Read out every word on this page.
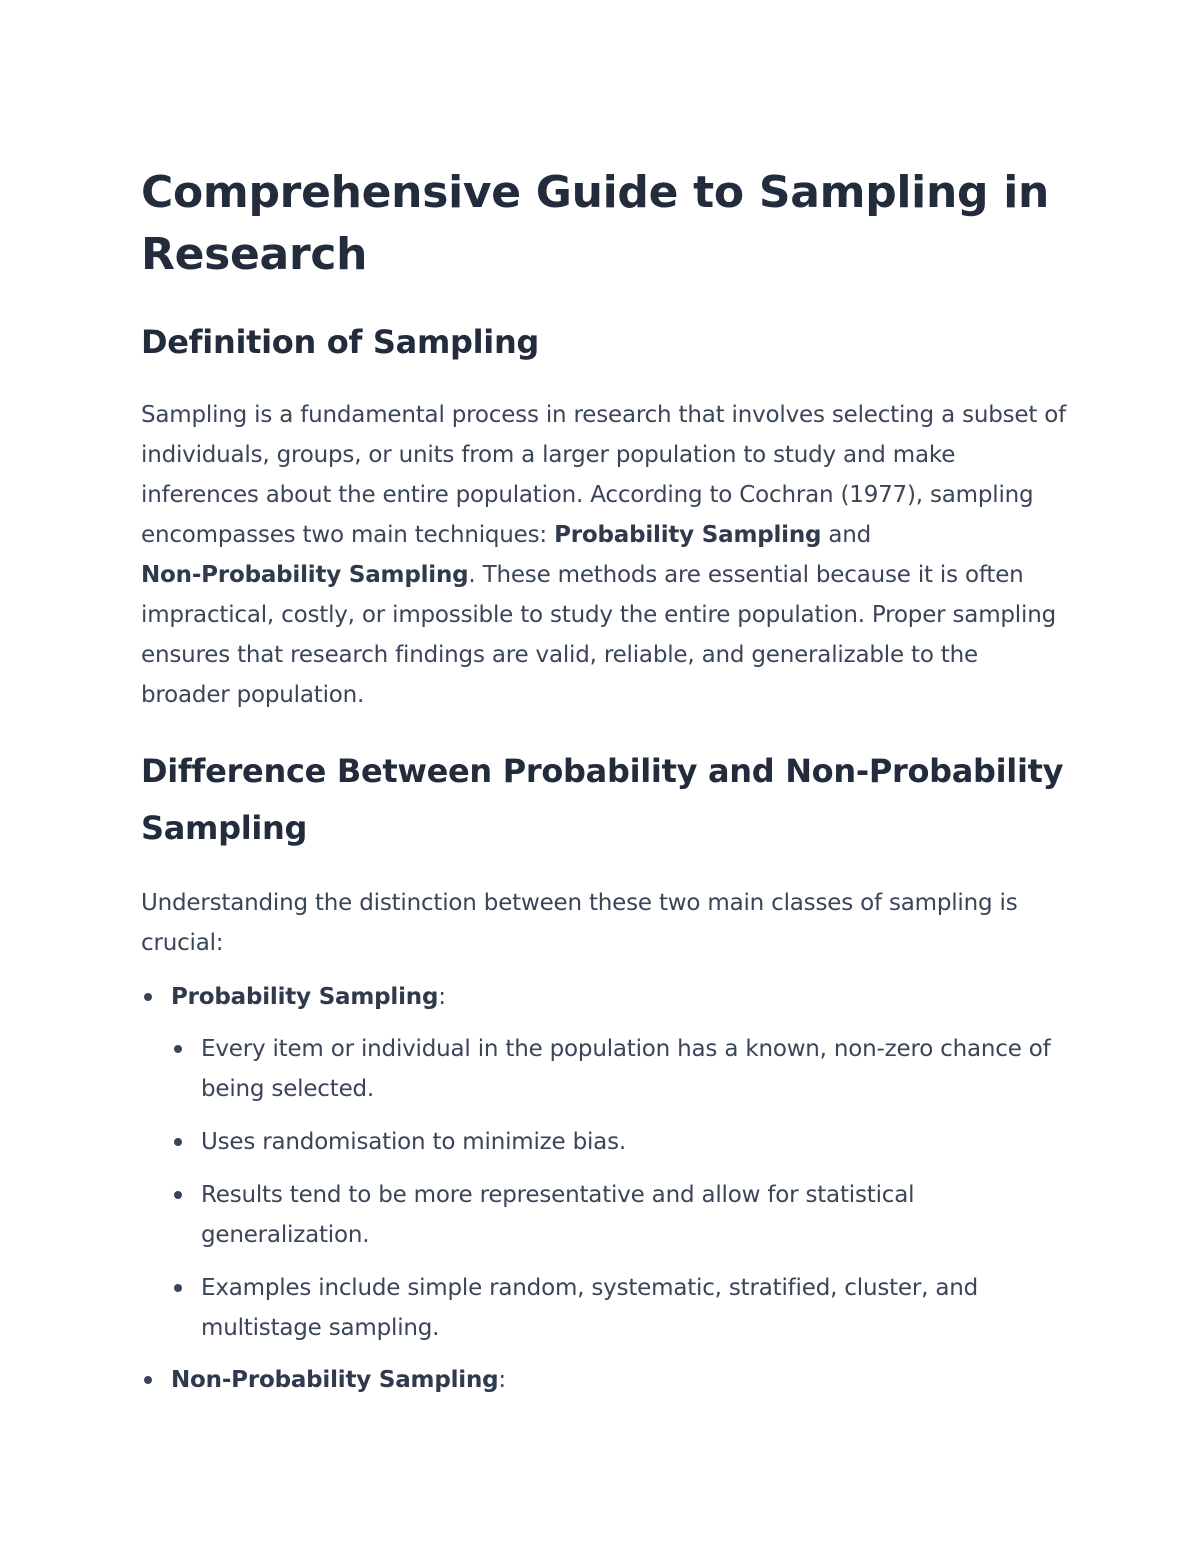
Comprehensive Guide to Sampling in Research
Definition of Sampling

Sampling is a fundamental process in research that involves selecting a subset of individuals, groups, or units from a larger population to study and make inferences about the entire population. According to Cochran (1977), sampling encompasses two main techniques: Probability Sampling and
Non-Probability Sampling. These methods are essential because it is often impractical, costly, or impossible to study the entire population. Proper sampling ensures that research findings are valid, reliable, and generalizable to the broader population.

Difference Between Probability and Non-Probability Sampling

Understanding the distinction between these two main classes of sampling is crucial:

Probability Sampling:
Every item or individual in the population has a known, non-zero chance of being selected.
Uses randomisation to minimize bias.
Results tend to be more representative and allow for statistical generalization.
Examples include simple random, systematic, stratified, cluster, and multistage sampling.
Non-Probability Sampling:
